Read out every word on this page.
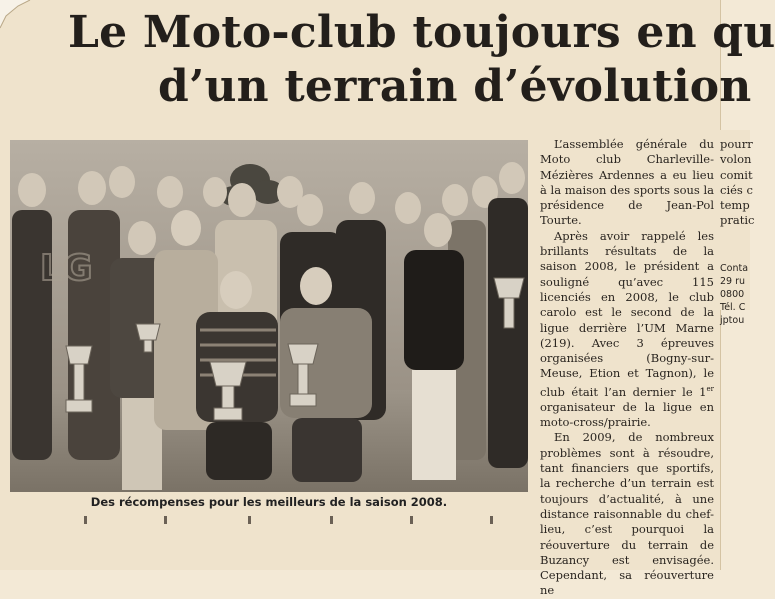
Le Moto-club toujours en qu
d’un terrain d’évolution
LG
Des récompenses pour les meilleurs de la saison 2008.

L’assemblée générale du Moto club Charleville-Mézières Ardennes a eu lieu à la maison des sports sous la présidence de Jean-Pol Tourte.

Après avoir rappelé les brillants résultats de la saison 2008, le président a souligné qu’avec 115 licenciés en 2008, le club carolo est le second de la ligue derrière l’UM Marne (219). Avec 3 épreuves organisées (Bogny-sur-Meuse, Etion et Tagnon), le club était l’an dernier le 1er organisateur de la ligue en moto-cross/prairie.

En 2009, de nombreux problèmes sont à résoudre, tant financiers que sportifs, la recherche d’un terrain est toujours d’actualité, à une distance raisonnable du chef-lieu, c’est pourquoi la réouverture du terrain de Buzancy est envisagée. Cependant, sa réouverture ne

pourr
volon
comit
ciés c
temp
pratic
Conta
29 ru
0800
Tél. C
jptou
